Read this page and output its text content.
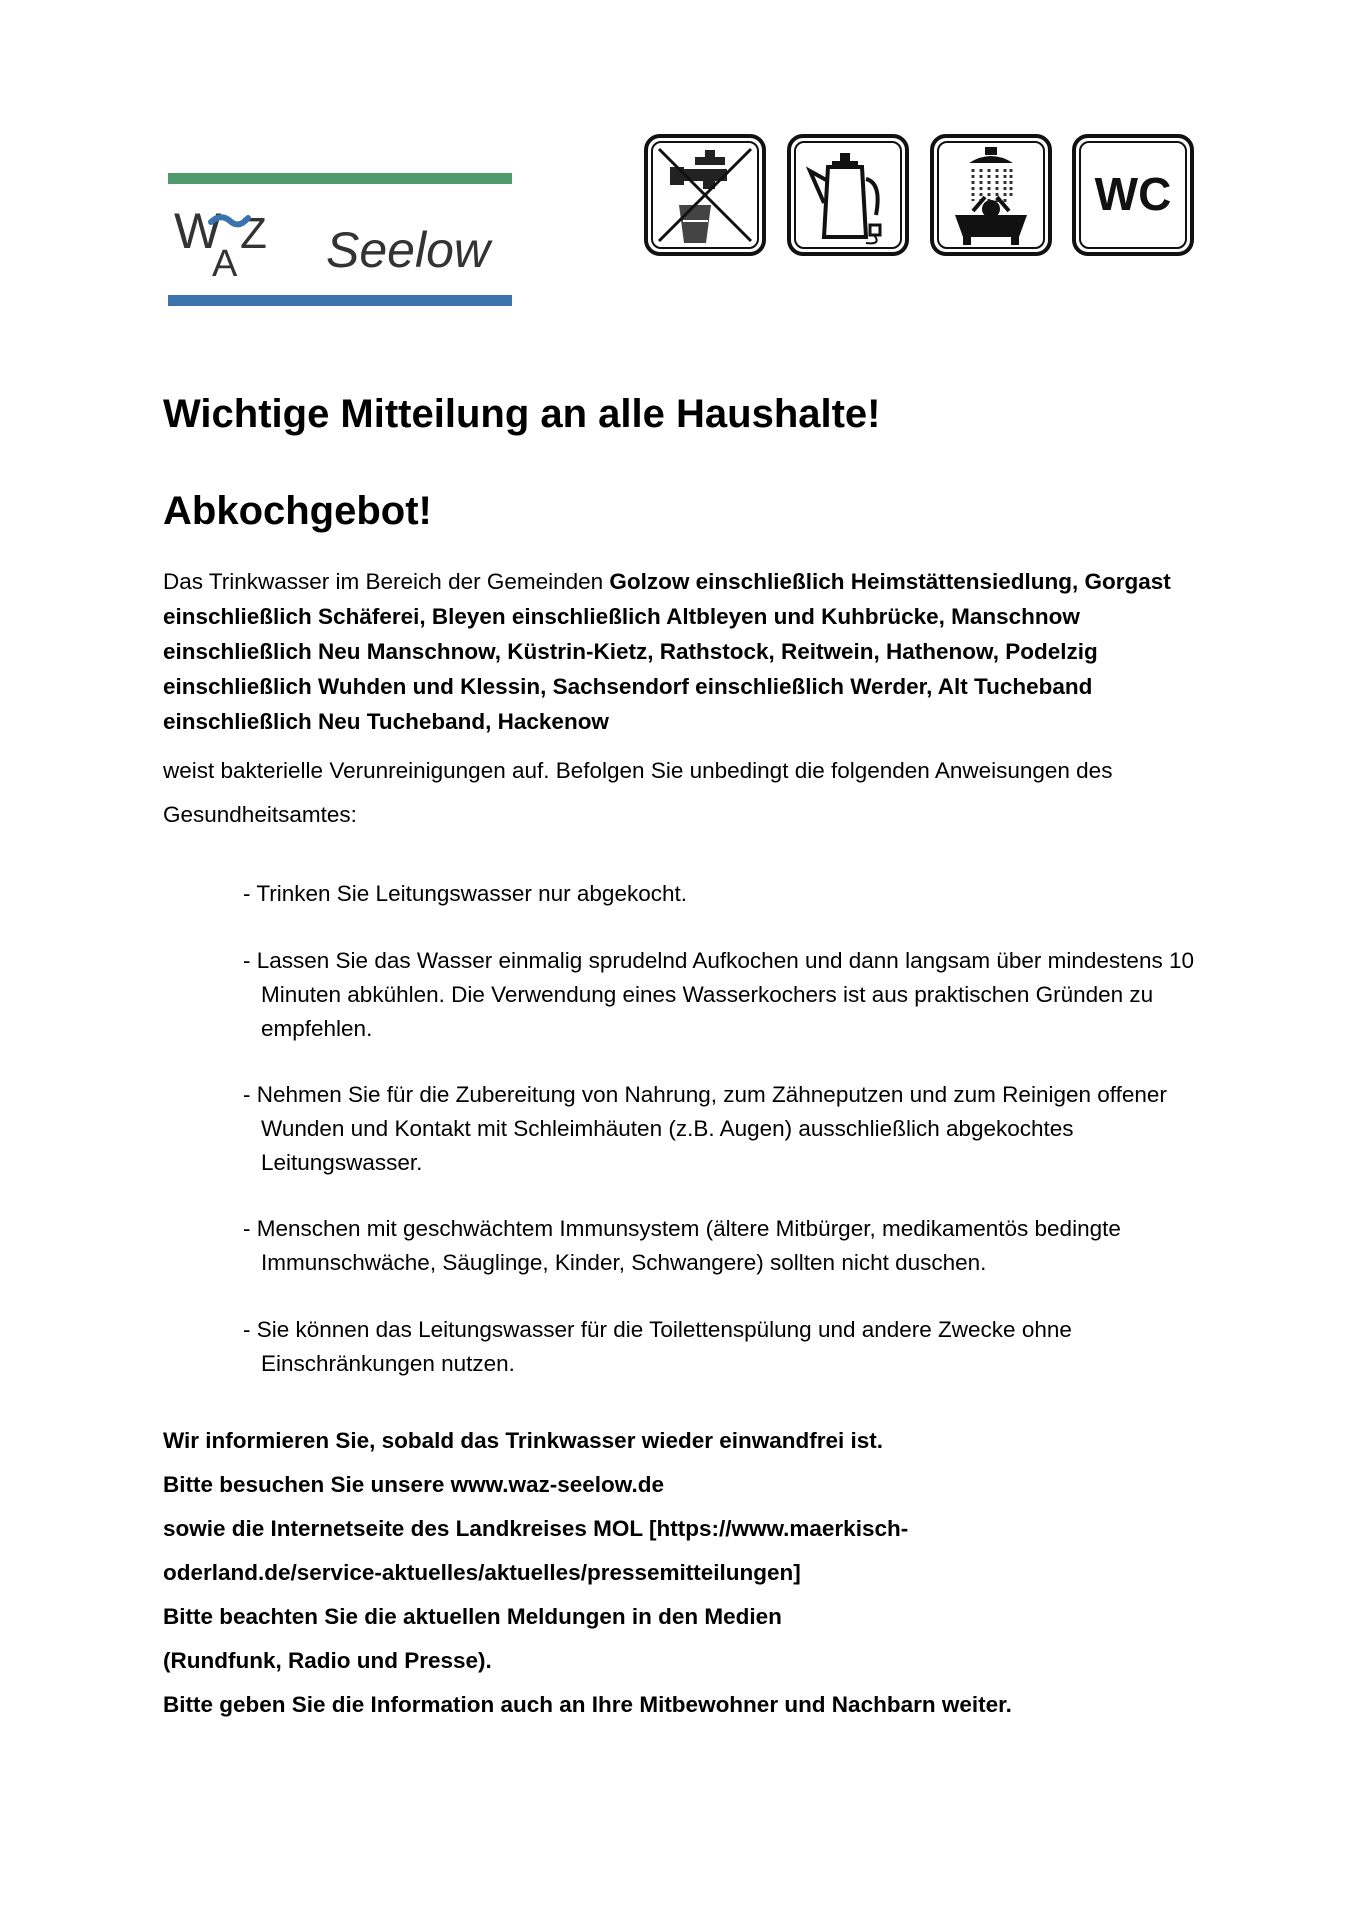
W Z
A Seelow
WC
Wichtige Mitteilung an alle Haushalte!
Abkochgebot!

Das Trinkwasser im Bereich der Gemeinden Golzow einschließlich Heimstättensiedlung, Gorgast einschließlich Schäferei, Bleyen einschließlich Altbleyen und Kuhbrücke, Manschnow einschließlich Neu Manschnow, Küstrin-Kietz, Rathstock, Reitwein, Hathenow, Podelzig einschließlich Wuhden und Klessin, Sachsendorf einschließlich Werder, Alt Tucheband einschließlich Neu Tucheband, Hackenow

weist bakterielle Verunreinigungen auf. Befolgen Sie unbedingt die folgenden Anweisungen des Gesundheitsamtes:

- Trinken Sie Leitungswasser nur abgekocht.
- Lassen Sie das Wasser einmalig sprudelnd Aufkochen und dann langsam über mindestens 10 Minuten abkühlen. Die Verwendung eines Wasserkochers ist aus praktischen Gründen zu empfehlen.
- Nehmen Sie für die Zubereitung von Nahrung, zum Zähneputzen und zum Reinigen offener Wunden und Kontakt mit Schleimhäuten (z.B. Augen) ausschließlich abgekochtes Leitungswasser.
- Menschen mit geschwächtem Immunsystem (ältere Mitbürger, medikamentös bedingte Immunschwäche, Säuglinge, Kinder, Schwangere) sollten nicht duschen.
- Sie können das Leitungswasser für die Toilettenspülung und andere Zwecke ohne Einschränkungen nutzen.
Wir informieren Sie, sobald das Trinkwasser wieder einwandfrei ist.
Bitte besuchen Sie unsere www.waz-seelow.de
sowie die Internetseite des Landkreises MOL [https://www.maerkisch-
oderland.de/service-aktuelles/aktuelles/pressemitteilungen]
Bitte beachten Sie die aktuellen Meldungen in den Medien
(Rundfunk, Radio und Presse).
Bitte geben Sie die Information auch an Ihre Mitbewohner und Nachbarn weiter.
